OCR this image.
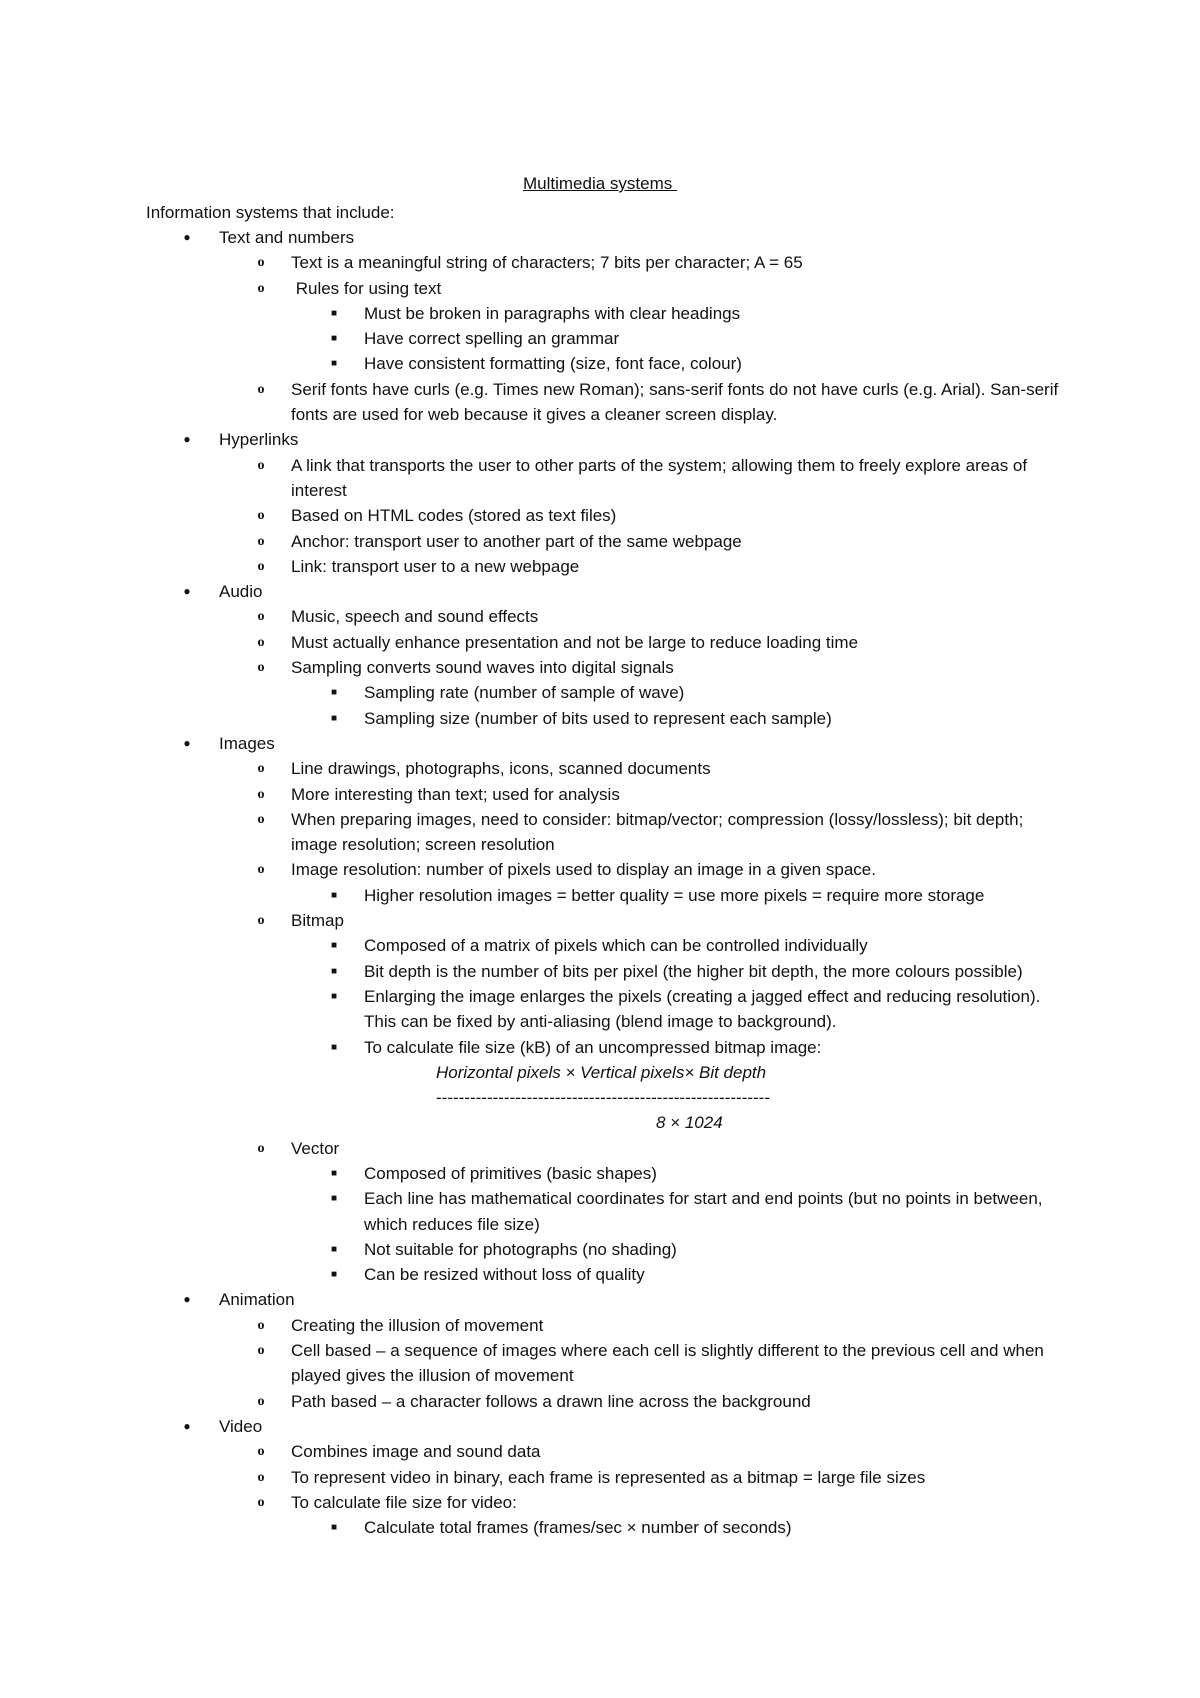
Multimedia systems
Information systems that include:
●	Text and numbers
o	Text is a meaningful string of characters; 7 bits per character; A = 65
o	Rules for using text
■	Must be broken in paragraphs with clear headings
■	Have correct spelling an grammar
■	Have consistent formatting (size, font face, colour)
o	Serif fonts have curls (e.g. Times new Roman); sans-serif fonts do not have curls (e.g. Arial). San-serif fonts are used for web because it gives a cleaner screen display.
●	Hyperlinks
o	A link that transports the user to other parts of the system; allowing them to freely explore areas of interest
o	Based on HTML codes (stored as text files)
o	Anchor: transport user to another part of the same webpage
o	Link: transport user to a new webpage
●	Audio
o	Music, speech and sound effects
o	Must actually enhance presentation and not be large to reduce loading time
o	Sampling converts sound waves into digital signals
■	Sampling rate (number of sample of wave)
■	Sampling size (number of bits used to represent each sample)
●	Images
o	Line drawings, photographs, icons, scanned documents
o	More interesting than text; used for analysis
o	When preparing images, need to consider: bitmap/vector; compression (lossy/lossless); bit depth; image resolution; screen resolution
o	Image resolution: number of pixels used to display an image in a given space.
■	Higher resolution images = better quality = use more pixels = require more storage
o	Bitmap
■	Composed of a matrix of pixels which can be controlled individually
■	Bit depth is the number of bits per pixel (the higher bit depth, the more colours possible)
■	Enlarging the image enlarges the pixels (creating a jagged effect and reducing resolution). This can be fixed by anti-aliasing (blend image to background).
■	To calculate file size (kB) of an uncompressed bitmap image:
Horizontal pixels × Vertical pixels× Bit depth
-----------------------------------------------------------
8 × 1024
o	Vector
■	Composed of primitives (basic shapes)
■	Each line has mathematical coordinates for start and end points (but no points in between, which reduces file size)
■	Not suitable for photographs (no shading)
■	Can be resized without loss of quality
●	Animation
o	Creating the illusion of movement
o	Cell based – a sequence of images where each cell is slightly different to the previous cell and when played gives the illusion of movement
o	Path based – a character follows a drawn line across the background
●	Video
o	Combines image and sound data
o	To represent video in binary, each frame is represented as a bitmap = large file sizes
o	To calculate file size for video:
■	Calculate total frames (frames/sec × number of seconds)
